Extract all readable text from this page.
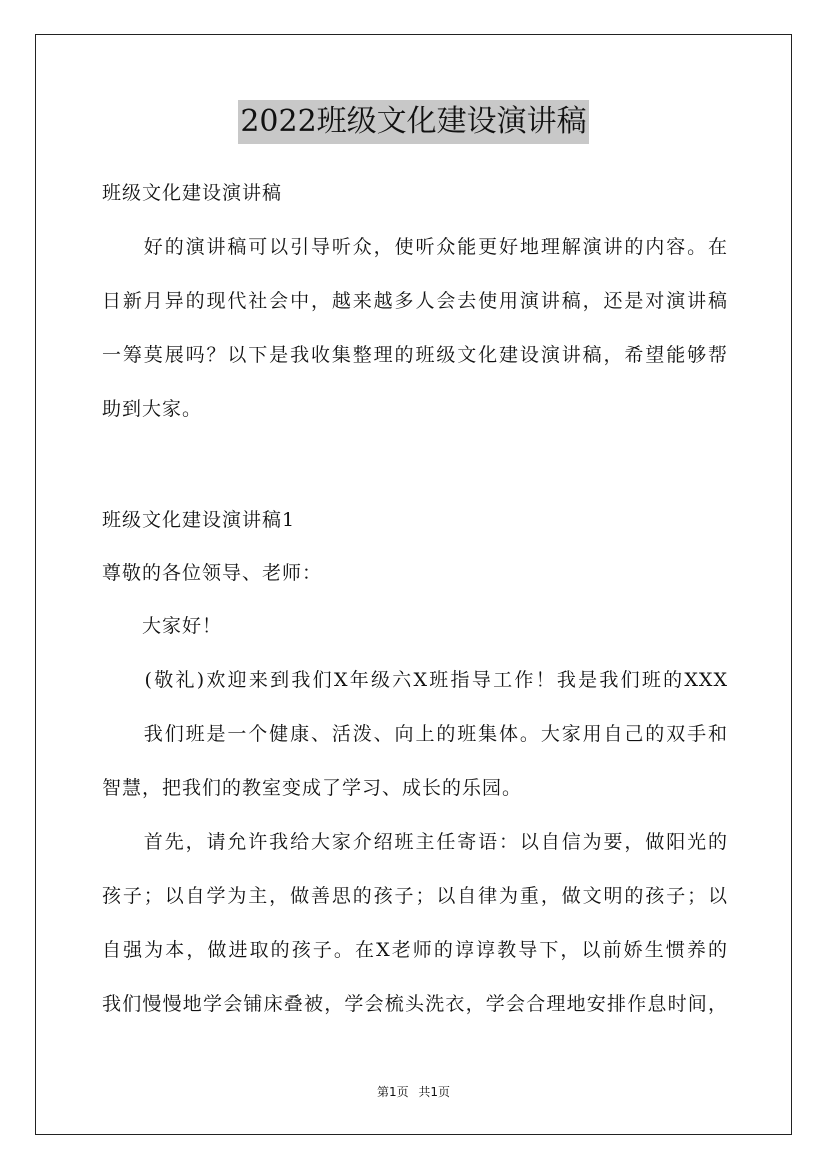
2022班级文化建设演讲稿

班级文化建设演讲稿

　　好的演讲稿可以引导听众，使听众能更好地理解演讲的内容。在

日新月异的现代社会中，越来越多人会去使用演讲稿，还是对演讲稿

一筹莫展吗？以下是我收集整理的班级文化建设演讲稿，希望能够帮

助到大家。

班级文化建设演讲稿1

尊敬的各位领导、老师：

　　大家好！

　　(敬礼)欢迎来到我们X年级六X班指导工作！我是我们班的XXX

　　我们班是一个健康、活泼、向上的班集体。大家用自己的双手和

智慧，把我们的教室变成了学习、成长的乐园。

　　首先，请允许我给大家介绍班主任寄语：以自信为要，做阳光的

孩子；以自学为主，做善思的孩子；以自律为重，做文明的孩子；以

自强为本，做进取的孩子。在X老师的谆谆教导下，以前娇生惯养的

我们慢慢地学会铺床叠被，学会梳头洗衣，学会合理地安排作息时间，

第1页 共1页
